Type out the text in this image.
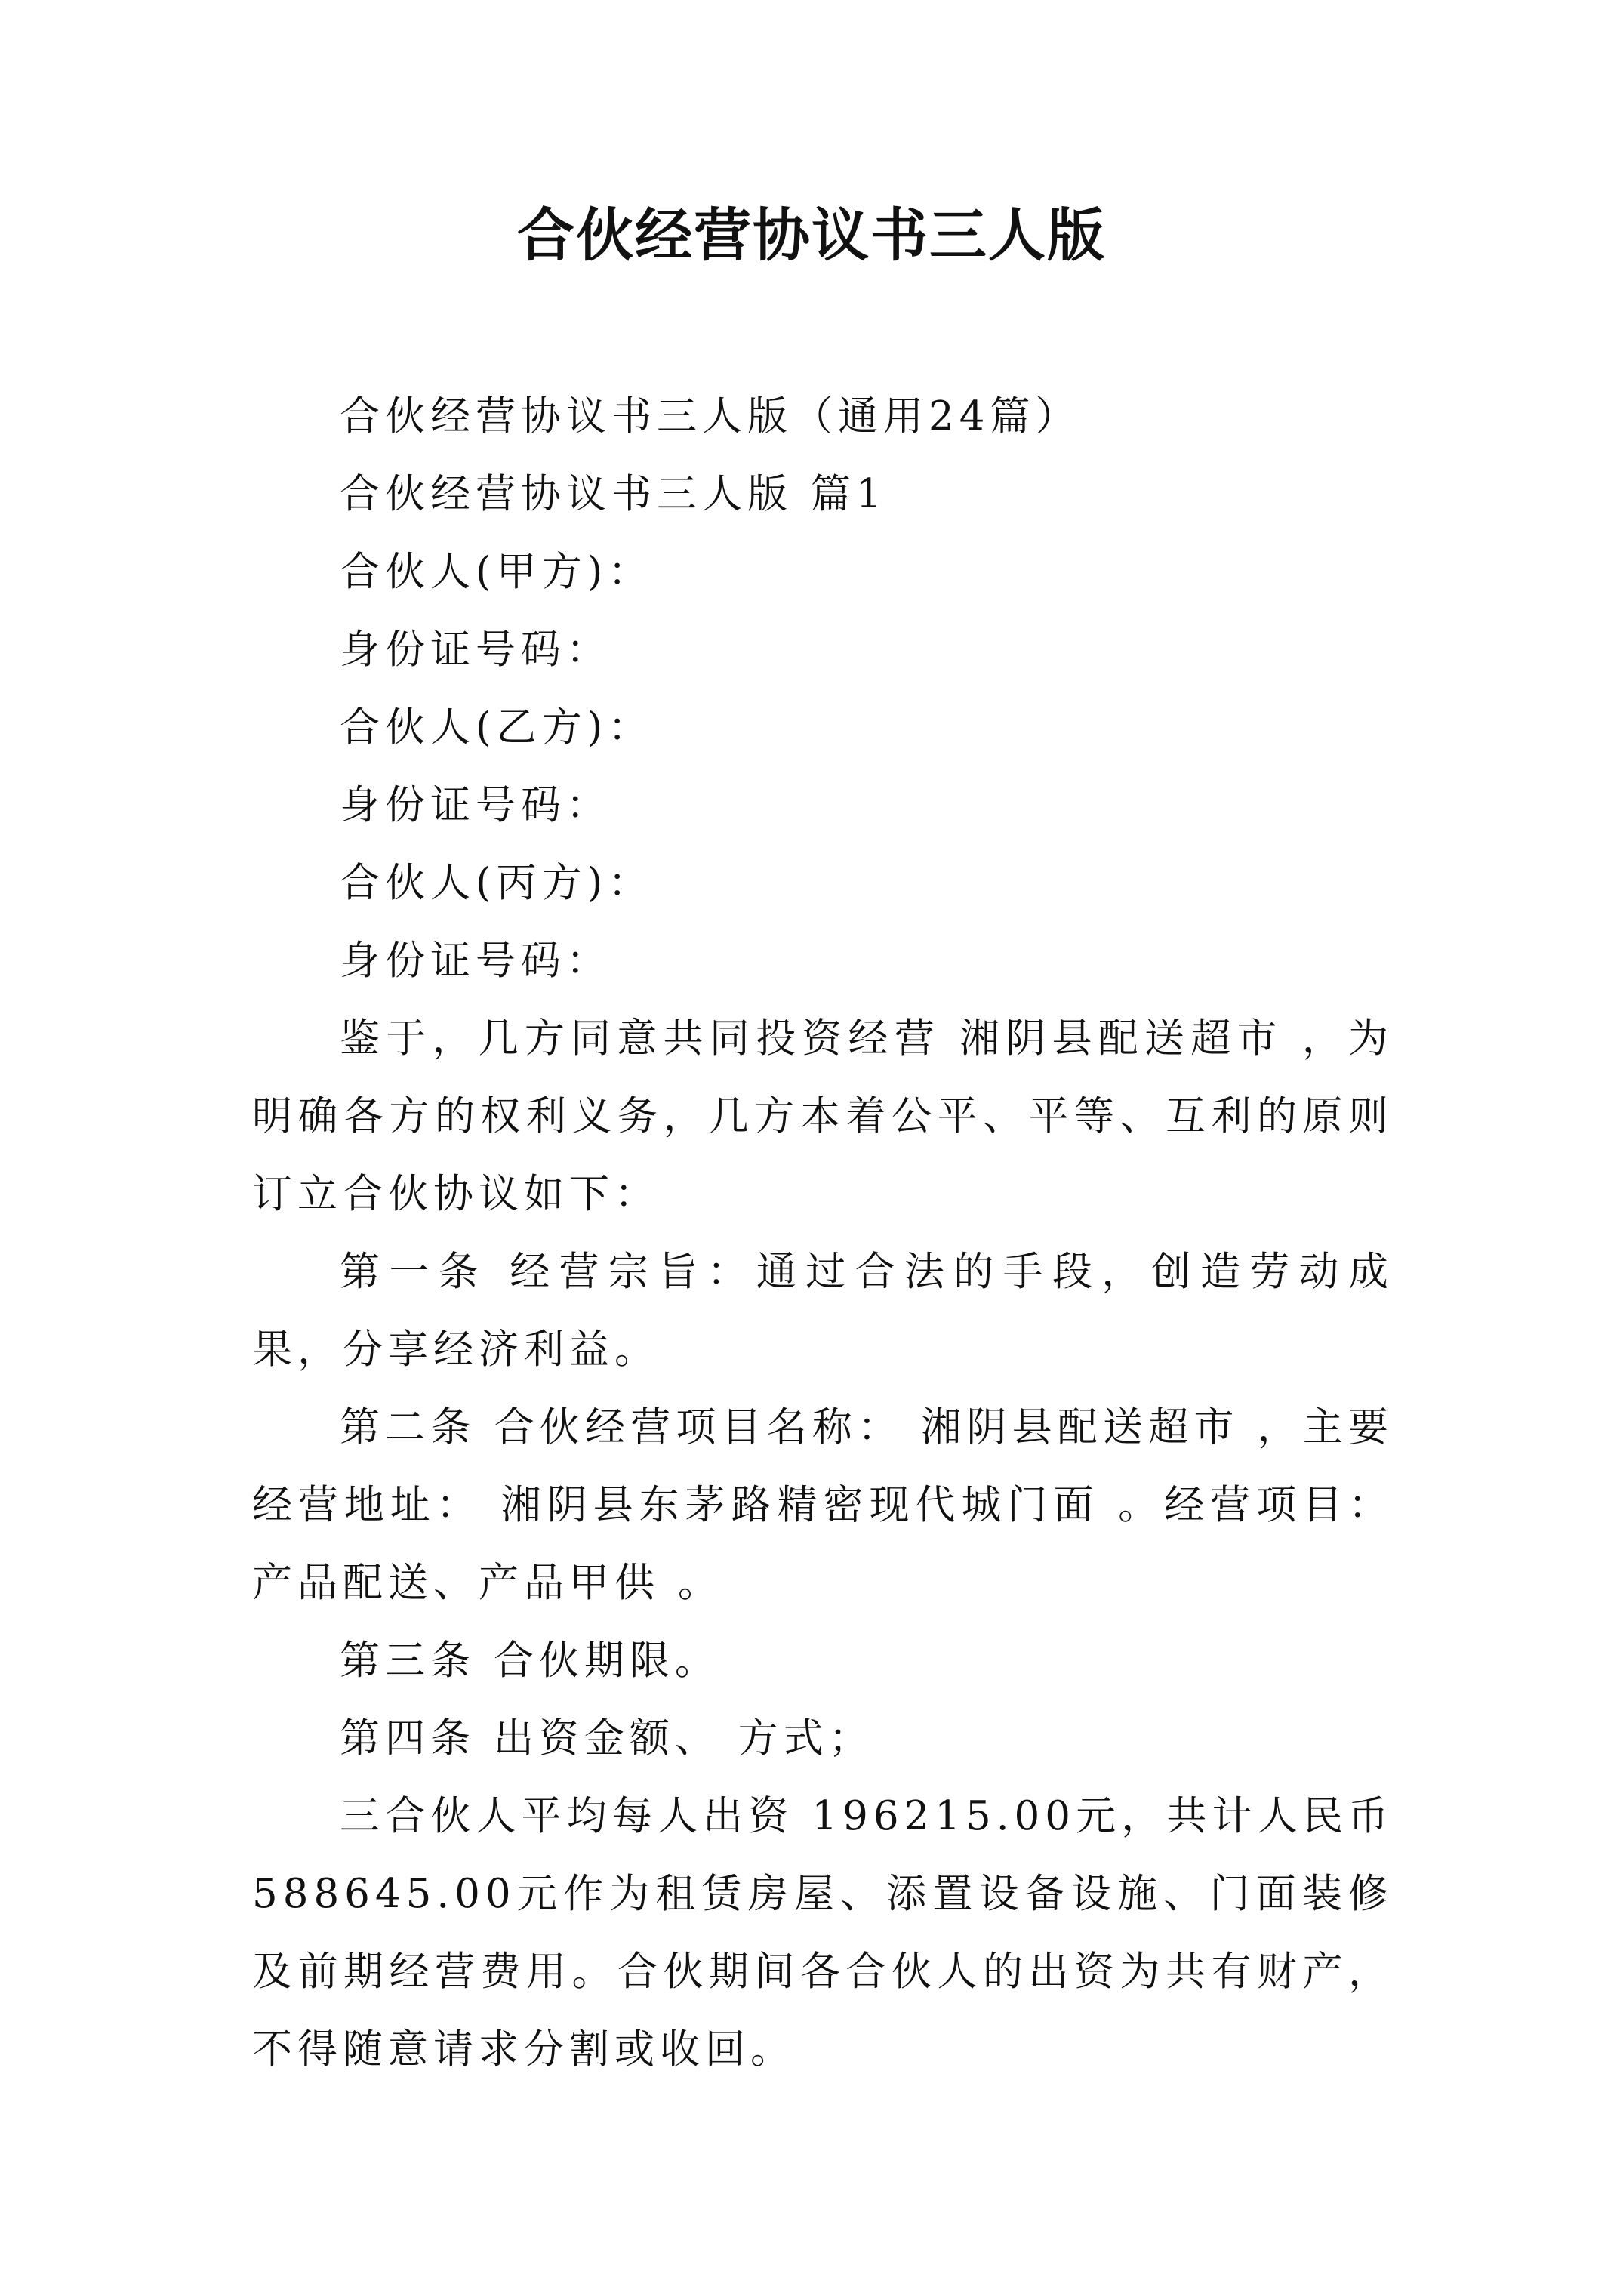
合伙经营协议书三人版

合伙经营协议书三人版（通用24篇）

合伙经营协议书三人版 篇1

合伙人(甲方)：

身份证号码：

合伙人(乙方)：

身份证号码：

合伙人(丙方)：

身份证号码：

鉴于，几方同意共同投资经营 湘阴县配送超市 ，为明确各方的权利义务，几方本着公平、平等、互利的原则订立合伙协议如下：

第一条 经营宗旨：通过合法的手段，创造劳动成果，分享经济利益。

第二条 合伙经营项目名称： 湘阴县配送超市 ，主要经营地址： 湘阴县东茅路精密现代城门面 。经营项目：产品配送、产品甲供 。

第三条 合伙期限。

第四条 出资金额、 方式；

三合伙人平均每人出资 196215.00元，共计人民币588645.00元作为租赁房屋、添置设备设施、门面装修及前期经营费用。合伙期间各合伙人的出资为共有财产，不得随意请求分割或收回。
